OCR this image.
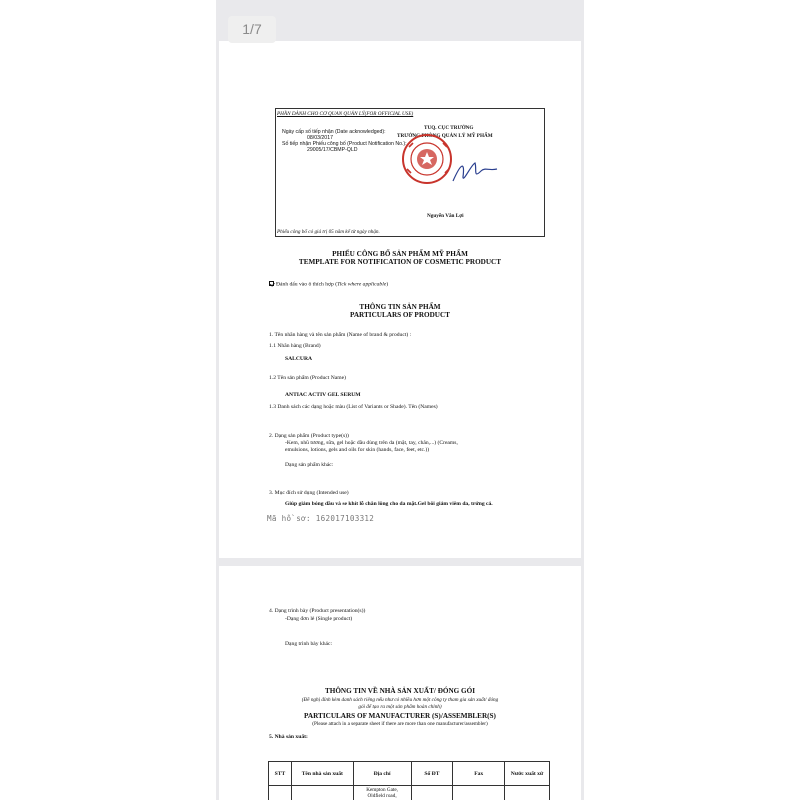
1/7
PHẦN DÀNH CHO CƠ QUAN QUẢN LÝ(FOR OFFICIAL USE)
Ngày cấp số tiếp nhận (Date acknowledged):
08/03/2017
Số tiếp nhận Phiếu công bố (Product Notification No.):
29005/17/CBMP-QLD
TUQ. CỤC TRƯỞNG
TRƯỞNG PHÒNG QUẢN LÝ MỸ PHẨM
Nguyễn Văn Lợi
Phiếu công bố có giá trị 05 năm kể từ ngày nhận.
PHIẾU CÔNG BỐ SẢN PHẨM MỸ PHẨM
TEMPLATE FOR NOTIFICATION OF COSMETIC PRODUCT
Đánh dấu vào ô thích hợp (Tick where applicable)
THÔNG TIN SẢN PHẨM
PARTICULARS OF PRODUCT
1. Tên nhãn hàng và tên sản phẩm (Name of brand & product) :
1.1 Nhãn hàng (Brand)
SALCURA
1.2 Tên sản phẩm (Product Name)
ANTIAC ACTIV GEL SERUM
1.3 Danh sách các dạng hoặc màu (List of Variants or Shade). Tên (Names)
2. Dạng sản phẩm (Product type(s))
-Kem, nhũ tương, sữa, gel hoặc dầu dùng trên da (mặt, tay, chân,...) (Creams,
emulsions, lotions, gels and oils for skin (hands, face, feet, etc.))
Dạng sản phẩm khác:
3. Mục đích sử dụng (Intended use)
Giúp giảm bóng dầu và se khít lỗ chân lông cho da mặt.Gel bôi giảm viêm da, trứng cá.
Mã hồ sơ: 162017103312
4. Dạng trình bày (Product presentation(s))
-Dạng đơn lẻ (Single product)
Dạng trình bày khác:
THÔNG TIN VỀ NHÀ SẢN XUẤT/ ĐÓNG GÓI
(Đề nghị đính kèm danh sách riêng nếu như có nhiều hơn một công ty tham gia sản xuất/ đóng
gói để tạo ra một sản phẩm hoàn chỉnh)
PARTICULARS OF MANUFACTURER (S)/ASSEMBLER(S)
(Please attach in a separate sheet if there are more than one manufacturer/assembler)
5. Nhà sản xuất:
STT	Tên nhà sản xuất	Địa chỉ	Số ĐT	Fax	Nước xuất xứ

		Kempton Gate,
Oldfield road,			
